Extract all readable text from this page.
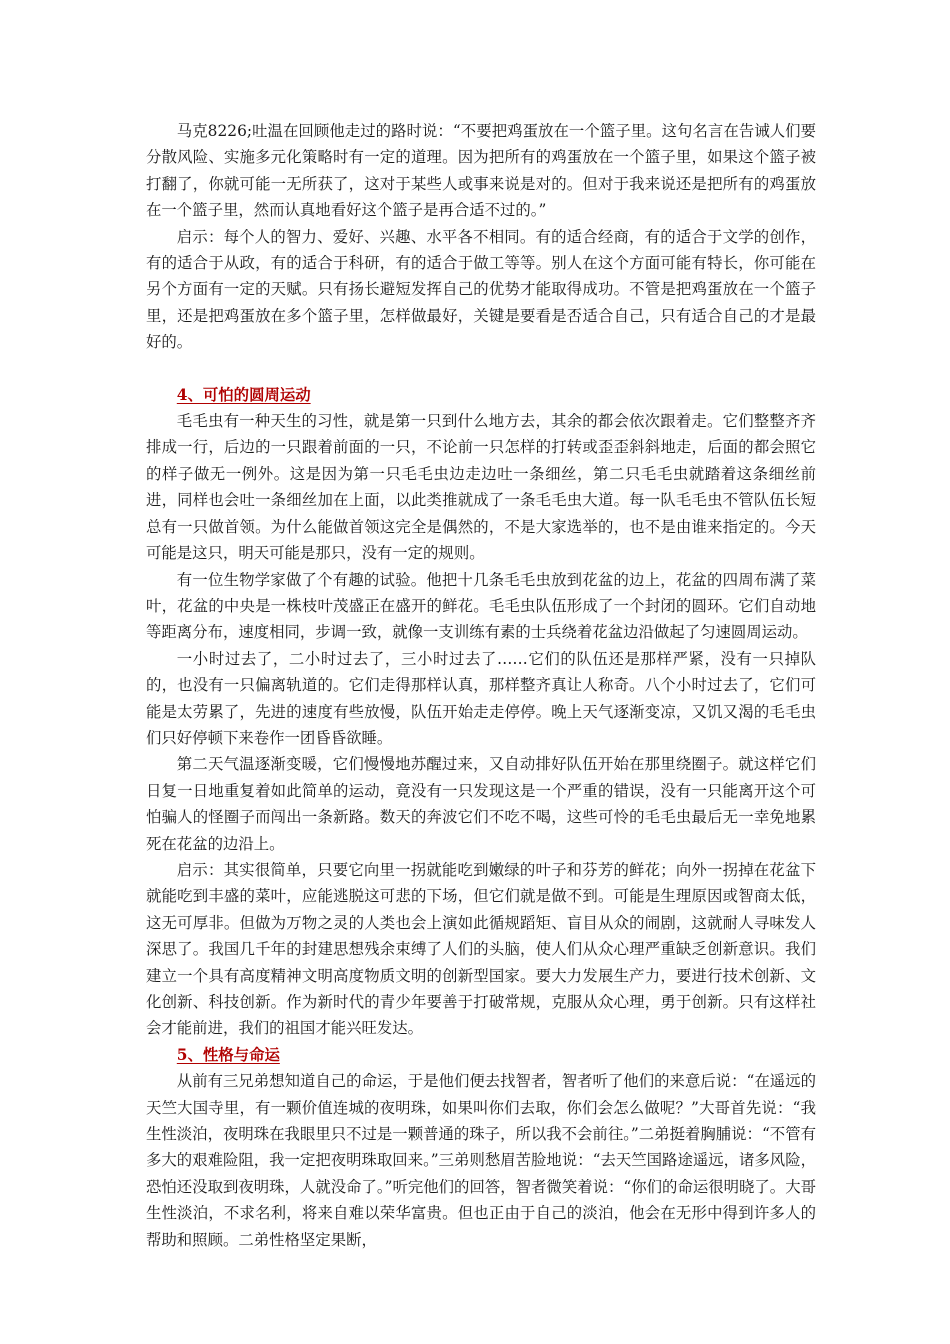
马克8226;吐温在回顾他走过的路时说：“不要把鸡蛋放在一个篮子里。这句名言在告诫人们要分散风险、实施多元化策略时有一定的道理。因为把所有的鸡蛋放在一个篮子里，如果这个篮子被打翻了，你就可能一无所获了，这对于某些人或事来说是对的。但对于我来说还是把所有的鸡蛋放在一个篮子里，然而认真地看好这个篮子是再合适不过的。”

启示：每个人的智力、爱好、兴趣、水平各不相同。有的适合经商，有的适合于文学的创作，有的适合于从政，有的适合于科研，有的适合于做工等等。别人在这个方面可能有特长，你可能在另个方面有一定的天赋。只有扬长避短发挥自己的优势才能取得成功。不管是把鸡蛋放在一个篮子里，还是把鸡蛋放在多个篮子里，怎样做最好，关键是要看是否适合自己，只有适合自己的才是最好的。

4、可怕的圆周运动

毛毛虫有一种天生的习性，就是第一只到什么地方去，其余的都会依次跟着走。它们整整齐齐排成一行，后边的一只跟着前面的一只，不论前一只怎样的打转或歪歪斜斜地走，后面的都会照它的样子做无一例外。这是因为第一只毛毛虫边走边吐一条细丝，第二只毛毛虫就踏着这条细丝前进，同样也会吐一条细丝加在上面，以此类推就成了一条毛毛虫大道。每一队毛毛虫不管队伍长短总有一只做首领。为什么能做首领这完全是偶然的，不是大家选举的，也不是由谁来指定的。今天可能是这只，明天可能是那只，没有一定的规则。

有一位生物学家做了个有趣的试验。他把十几条毛毛虫放到花盆的边上，花盆的四周布满了菜叶，花盆的中央是一株枝叶茂盛正在盛开的鲜花。毛毛虫队伍形成了一个封闭的圆环。它们自动地等距离分布，速度相同，步调一致，就像一支训练有素的士兵绕着花盆边沿做起了匀速圆周运动。

一小时过去了，二小时过去了，三小时过去了……它们的队伍还是那样严紧，没有一只掉队的，也没有一只偏离轨道的。它们走得那样认真，那样整齐真让人称奇。八个小时过去了，它们可能是太劳累了，先进的速度有些放慢，队伍开始走走停停。晚上天气逐渐变凉，又饥又渴的毛毛虫们只好停顿下来卷作一团昏昏欲睡。

第二天气温逐渐变暖，它们慢慢地苏醒过来，又自动排好队伍开始在那里绕圈子。就这样它们日复一日地重复着如此简单的运动，竟没有一只发现这是一个严重的错误，没有一只能离开这个可怕骗人的怪圈子而闯出一条新路。数天的奔波它们不吃不喝，这些可怜的毛毛虫最后无一幸免地累死在花盆的边沿上。

启示：其实很简单，只要它向里一拐就能吃到嫩绿的叶子和芬芳的鲜花；向外一拐掉在花盆下就能吃到丰盛的菜叶，应能逃脱这可悲的下场，但它们就是做不到。可能是生理原因或智商太低，这无可厚非。但做为万物之灵的人类也会上演如此循规蹈矩、盲目从众的闹剧，这就耐人寻味发人深思了。我国几千年的封建思想残余束缚了人们的头脑，使人们从众心理严重缺乏创新意识。我们建立一个具有高度精神文明高度物质文明的创新型国家。要大力发展生产力，要进行技术创新、文化创新、科技创新。作为新时代的青少年要善于打破常规，克服从众心理，勇于创新。只有这样社会才能前进，我们的祖国才能兴旺发达。

5、性格与命运

从前有三兄弟想知道自己的命运，于是他们便去找智者，智者听了他们的来意后说：“在遥远的天竺大国寺里，有一颗价值连城的夜明珠，如果叫你们去取，你们会怎么做呢？”大哥首先说：“我生性淡泊，夜明珠在我眼里只不过是一颗普通的珠子，所以我不会前往。”二弟挺着胸脯说：“不管有多大的艰难险阻，我一定把夜明珠取回来。”三弟则愁眉苦脸地说：“去天竺国路途遥远，诸多风险，恐怕还没取到夜明珠，人就没命了。”听完他们的回答，智者微笑着说：“你们的命运很明晓了。大哥生性淡泊，不求名利，将来自难以荣华富贵。但也正由于自己的淡泊，他会在无形中得到许多人的帮助和照顾。二弟性格坚定果断，
